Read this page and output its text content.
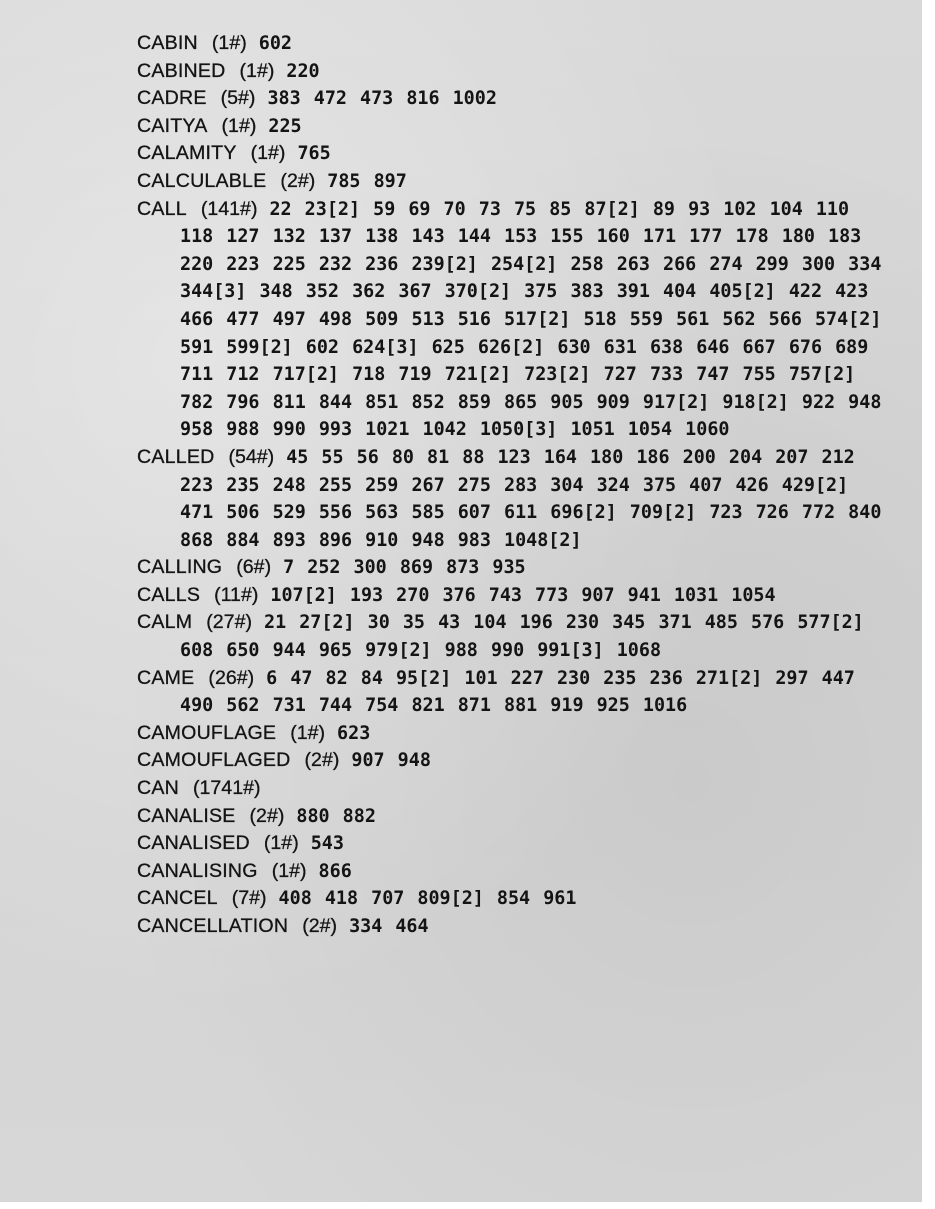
CABIN (1#) 602
CABINED (1#) 220
CADRE (5#) 383 472 473 816 1002
CAITYA (1#) 225
CALAMITY (1#) 765
CALCULABLE (2#) 785 897
CALL (141#) 22 23[2] 59 69 70 73 75 85 87[2] 89 93 102 104 110 118 127 132 137 138 143 144 153 155 160 171 177 178 180 183 220 223 225 232 236 239[2] 254[2] 258 263 266 274 299 300 334 344[3] 348 352 362 367 370[2] 375 383 391 404 405[2] 422 423 466 477 497 498 509 513 516 517[2] 518 559 561 562 566 574[2] 591 599[2] 602 624[3] 625 626[2] 630 631 638 646 667 676 689 711 712 717[2] 718 719 721[2] 723[2] 727 733 747 755 757[2] 782 796 811 844 851 852 859 865 905 909 917[2] 918[2] 922 948 958 988 990 993 1021 1042 1050[3] 1051 1054 1060
CALLED (54#) 45 55 56 80 81 88 123 164 180 186 200 204 207 212 223 235 248 255 259 267 275 283 304 324 375 407 426 429[2] 471 506 529 556 563 585 607 611 696[2] 709[2] 723 726 772 840 868 884 893 896 910 948 983 1048[2]
CALLING (6#) 7 252 300 869 873 935
CALLS (11#) 107[2] 193 270 376 743 773 907 941 1031 1054
CALM (27#) 21 27[2] 30 35 43 104 196 230 345 371 485 576 577[2] 608 650 944 965 979[2] 988 990 991[3] 1068
CAME (26#) 6 47 82 84 95[2] 101 227 230 235 236 271[2] 297 447 490 562 731 744 754 821 871 881 919 925 1016
CAMOUFLAGE (1#) 623
CAMOUFLAGED (2#) 907 948
CAN (1741#)
CANALISE (2#) 880 882
CANALISED (1#) 543
CANALISING (1#) 866
CANCEL (7#) 408 418 707 809[2] 854 961
CANCELLATION (2#) 334 464
